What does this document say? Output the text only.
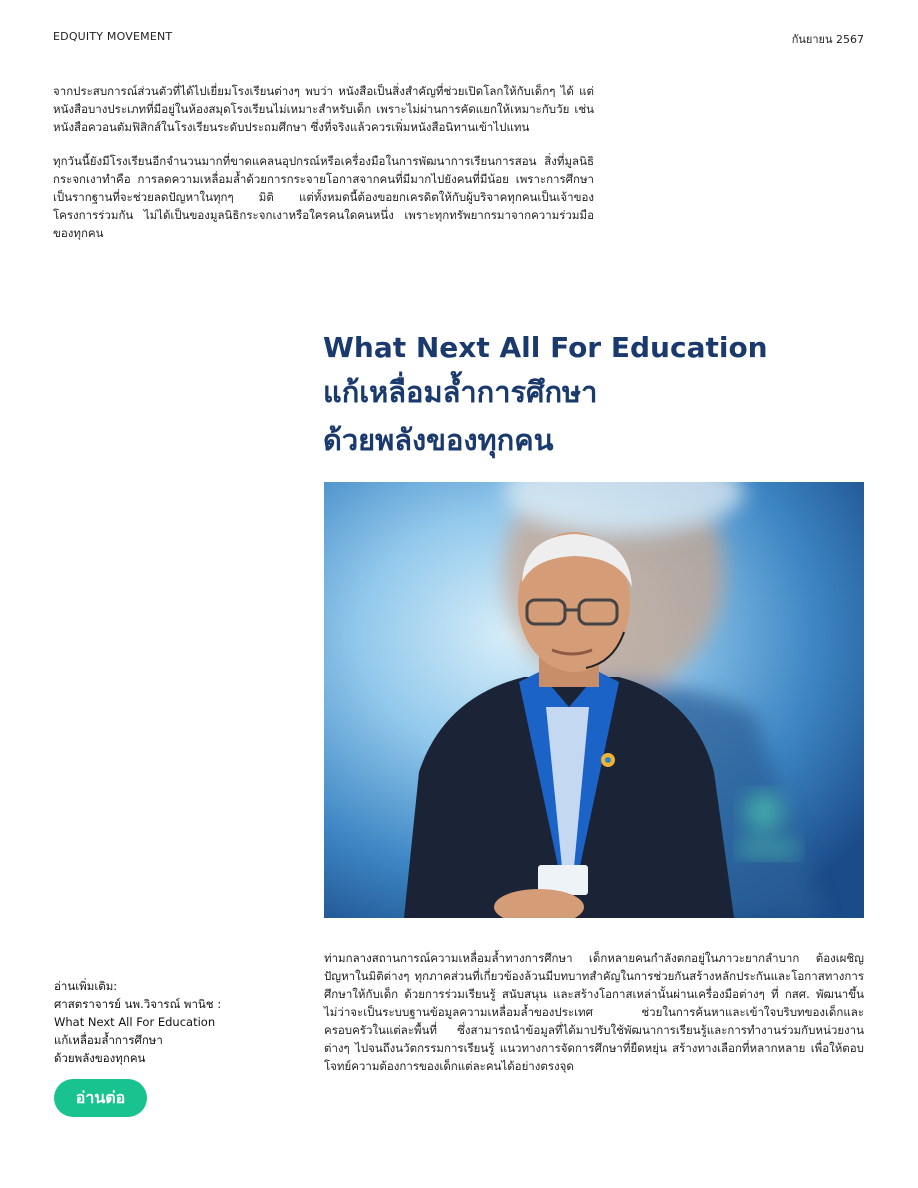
EDQUITY MOVEMENT	กันยายน 2567

จากประสบการณ์ส่วนตัวที่ได้ไปเยี่ยมโรงเรียนต่างๆ พบว่า หนังสือเป็นสิ่งสำคัญที่ช่วยเปิดโลกให้กับเด็กๆ ได้ แต่หนังสือบางประเภทที่มีอยู่ในห้องสมุดโรงเรียนไม่เหมาะสำหรับเด็ก เพราะไม่ผ่านการคัดแยกให้เหมาะกับวัย เช่น หนังสือควอนตัมฟิสิกส์ในโรงเรียนระดับประถมศึกษา ซึ่งที่จริงแล้วควรเพิ่มหนังสือนิทานเข้าไปแทน

ทุกวันนี้ยังมีโรงเรียนอีกจำนวนมากที่ขาดแคลนอุปกรณ์หรือเครื่องมือในการพัฒนาการเรียนการสอน สิ่งที่มูลนิธิกระจกเงาทำคือ การลดความเหลื่อมล้ำด้วยการกระจายโอกาสจากคนที่มีมากไปยังคนที่มีน้อย เพราะการศึกษาเป็นรากฐานที่จะช่วยลดปัญหาในทุกๆ มิติ แต่ทั้งหมดนี้ต้องขอยกเครดิตให้กับผู้บริจาคทุกคนเป็นเจ้าของโครงการร่วมกัน ไม่ได้เป็นของมูลนิธิกระจกเงาหรือใครคนใดคนหนึ่ง เพราะทุกทรัพยากรมาจากความร่วมมือของทุกคน

What Next All For Education
แก้เหลื่อมล้ำการศึกษา
ด้วยพลังของทุกคน
ท่ามกลางสถานการณ์ความเหลื่อมล้ำทางการศึกษา เด็กหลายคนกำลังตกอยู่ในภาวะยากลำบาก ต้องเผชิญปัญหาในมิติต่างๆ ทุกภาคส่วนที่เกี่ยวข้องล้วนมีบทบาทสำคัญในการช่วยกันสร้างหลักประกันและโอกาสทางการศึกษาให้กับเด็ก ด้วยการร่วมเรียนรู้ สนับสนุน และสร้างโอกาสเหล่านั้นผ่านเครื่องมือต่างๆ ที่ กสศ. พัฒนาขึ้น ไม่ว่าจะเป็นระบบฐานข้อมูลความเหลื่อมล้ำของประเทศ ช่วยในการค้นหาและเข้าใจบริบทของเด็กและครอบครัวในแต่ละพื้นที่ ซึ่งสามารถนำข้อมูลที่ได้มาปรับใช้พัฒนาการเรียนรู้และการทำงานร่วมกับหน่วยงานต่างๆ ไปจนถึงนวัตกรรมการเรียนรู้ แนวทางการจัดการศึกษาที่ยืดหยุ่น สร้างทางเลือกที่หลากหลาย เพื่อให้ตอบโจทย์ความต้องการของเด็กแต่ละคนได้อย่างตรงจุด
อ่านเพิ่มเติม:
ศาสตราจารย์ นพ.วิจารณ์ พานิช :
What Next All For Education
แก้เหลื่อมล้ำการศึกษา
ด้วยพลังของทุกคน
อ่านต่อ
